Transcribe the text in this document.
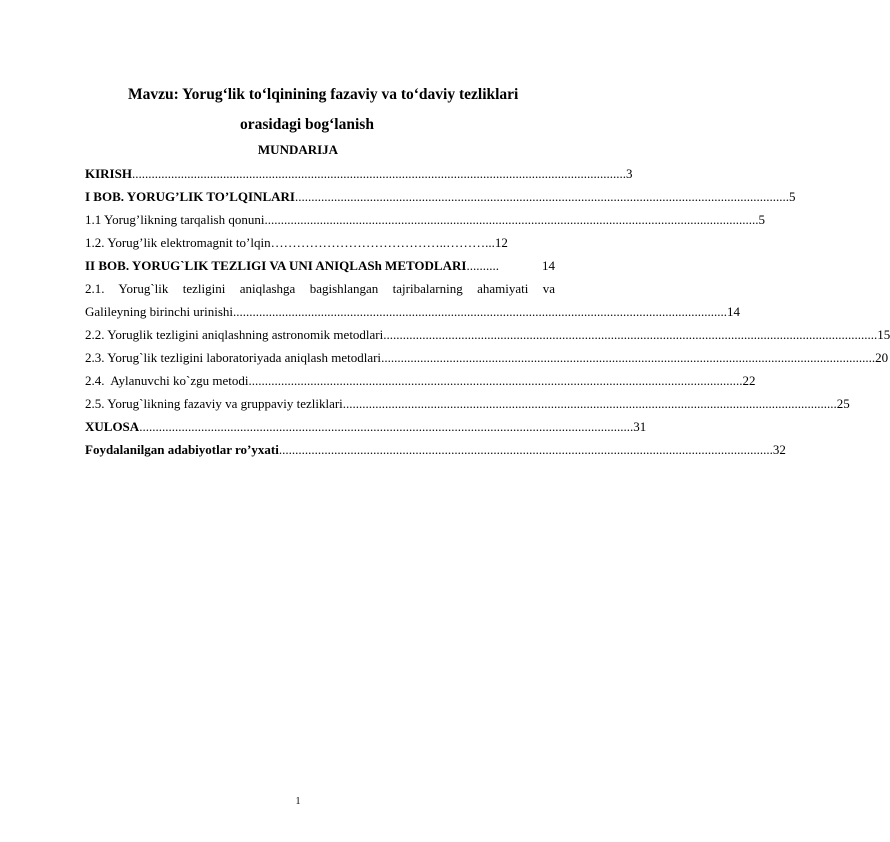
Mavzu: Yorug‘lik to‘lqinining fazaviy va to‘daviy tezliklari
orasidagi bog‘lanish
MUNDARIJA
KIRISH ........................................................................................................................................................ 3
I BOB. YORUG’LIK TO’LQINLARI ........................................................................................................................................................ 5
1.1 Yorug’likning tarqalish qonuni ........................................................................................................................................................ 5
1.2. Yorug’lik elektromagnit to’lqin …………………………………..………... 12
II BOB. YORUG`LIK TEZLIGI VA UNI ANIQLASh METODLARI ..........	14
2.1. Yorug`lik tezligini aniqlashga bagishlangan tajribalarning ahamiyati va
Galileyning birinchi urinishi ........................................................................................................................................................ 14
2.2. Yoruglik tezligini aniqlashning astronomik metodlari ........................................................................................................................................................ 15
2.3. Yorug`lik tezligini laboratoriyada aniqlash metodlari ........................................................................................................................................................ 20
2.4.  Aylanuvchi ko`zgu metodi ........................................................................................................................................................ 22
2.5. Yorug`likning fazaviy va gruppaviy tezliklari ........................................................................................................................................................ 25
XULOSA ........................................................................................................................................................ 31
Foydalanilgan adabiyotlar ro’yxati ........................................................................................................................................................ 32
1
